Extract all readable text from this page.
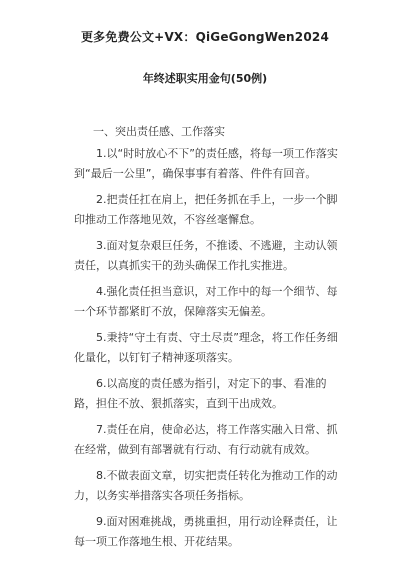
更多免费公文+VX：QiGeGongWen2024
年终述职实用金句(50例)
一、突出责任感、工作落实

1.以“时时放心不下”的责任感，将每一项工作落实到“最后一公里”，确保事事有着落、件件有回音。

2.把责任扛在肩上，把任务抓在手上，一步一个脚印推动工作落地见效，不容丝毫懈怠。

3.面对复杂艰巨任务，不推诿、不逃避，主动认领责任，以真抓实干的劲头确保工作扎实推进。

4.强化责任担当意识，对工作中的每一个细节、每一个环节都紧盯不放，保障落实无偏差。

5.秉持“守土有责、守土尽责”理念，将工作任务细化量化，以钉钉子精神逐项落实。

6.以高度的责任感为指引，对定下的事、看准的路，担住不放、狠抓落实，直到干出成效。

7.责任在肩，使命必达，将工作落实融入日常、抓在经常，做到有部署就有行动、有行动就有成效。

8.不做表面文章，切实把责任转化为推动工作的动力，以务实举措落实各项任务指标。

9.面对困难挑战，勇挑重担，用行动诠释责任，让每一项工作落地生根、开花结果。
